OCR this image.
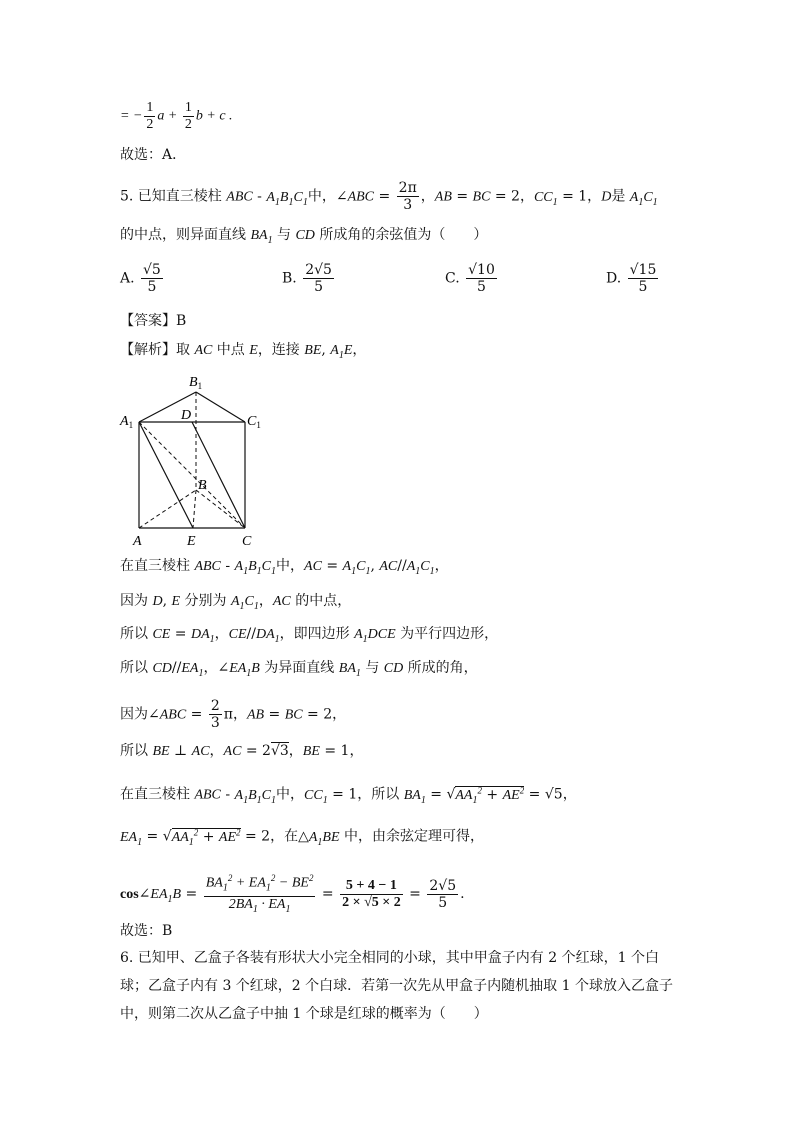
= − $\frac{1}{2}$ $a + \frac{1}{2}$ b + c .
故选：A．
5. 已知直三棱柱 ABC - $A_1B_1C_1$中，∠ABC = $\frac{2\pi}{3}$ ，AB = BC = 2，$CC_1 = 1$，D是 $A_1C_1$
的中点，则异面直线 $BA_1$ 与 CD 所成角的余弦值为（　　）
A. $\frac{√5}{5}$	B. $\frac{2√5}{5}$	C. $\frac{√10}{5}$	D. $\frac{√15}{5}$
【答案】B
【解析】取 AC 中点 E，连接 BE, $A_1E$，
$B_1$
$A_1$	$C_1$
D
B
A	E	C
在直三棱柱 ABC - $A_1B_1C_1$中，AC = $A_1C_1$, $AC//A_1C_1$，
因为 D, E 分别为 $A_1C_1$，AC 的中点，
所以 CE = $DA_1$，$CE//DA_1$，即四边形 $A_1DCE$ 为平行四边形，
所以 $CD//EA_1$，$\angle EA_1B$ 为异面直线 $BA_1$ 与 CD 所成的角，
因为∠ABC = $\frac{2}{3}$ π，AB = BC = 2，
所以 BE ⊥ AC，AC = 2√3，BE = 1，
在直三棱柱 ABC - $A_1B_1C_1$中，$CC_1 = 1$，所以 $BA_1 = √AA_1^2 + AE^2 = √5$，
$EA_1 = √AA_1^2 + AE^2 = 2$，在$\triangle A_1BE$ 中，由余弦定理可得，
$\cos\angle EA_1B = \frac{BA_1^2 + EA_1^2 - BE^2}{2BA_1 \cdot EA_1} = \frac{5 + 4 - 1}{2 \times √5 \times 2} = \frac{2√5}{5}$ .
故选：B
6. 已知甲、乙盒子各装有形状大小完全相同的小球，其中甲盒子内有 2 个红球，1 个白
球；乙盒子内有 3 个红球，2 个白球．若第一次先从甲盒子内随机抽取 1 个球放入乙盒子
中，则第二次从乙盒子中抽 1 个球是红球的概率为（　　）
